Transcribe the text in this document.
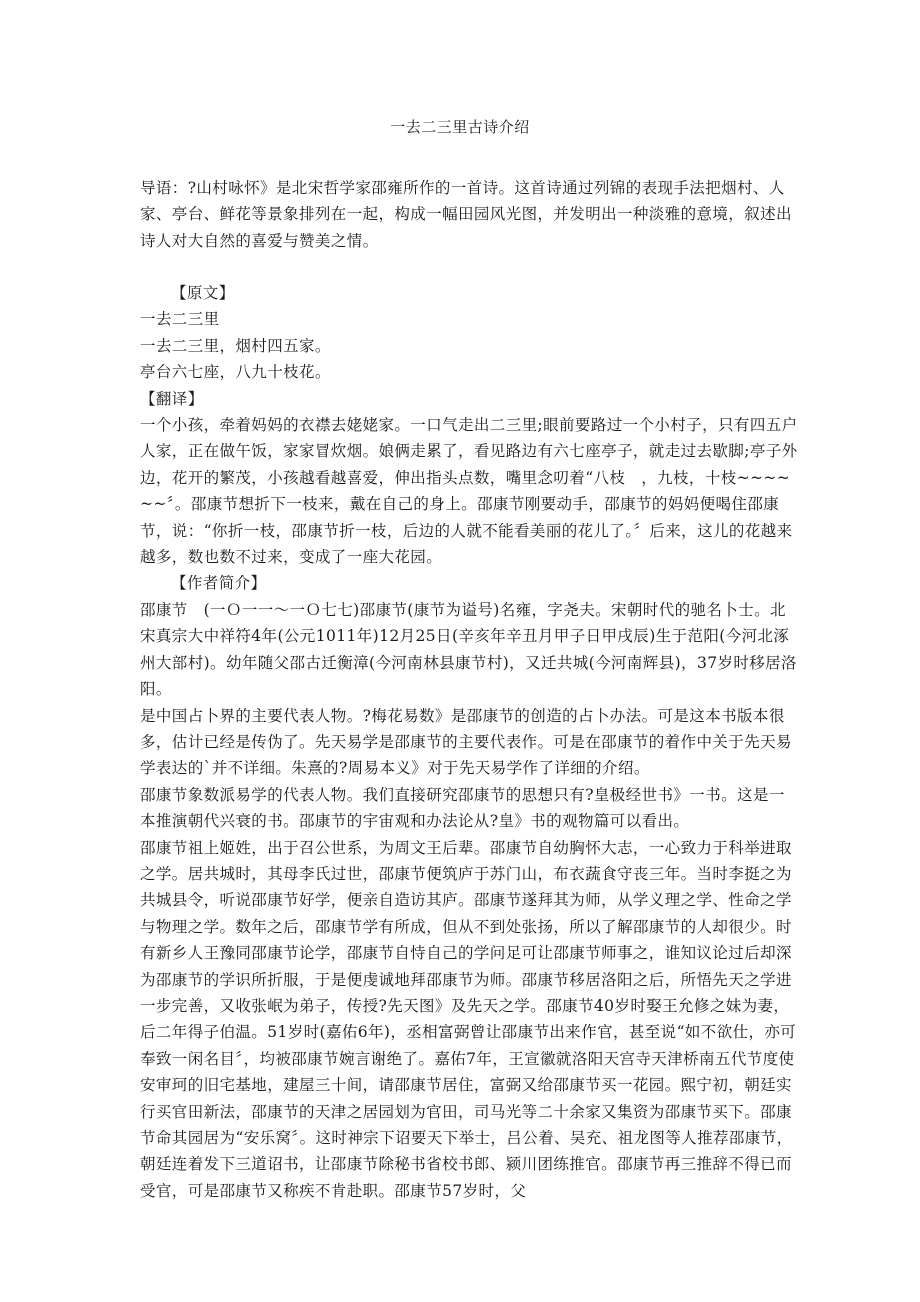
一去二三里古诗介绍

导语：?山村咏怀》是北宋哲学家邵雍所作的一首诗。这首诗通过列锦的表现手法把烟村、人家、亭台、鲜花等景象排列在一起，构成一幅田园风光图，并发明出一种淡雅的意境，叙述出诗人对大自然的喜爱与赞美之情。

【原文】

一去二三里

一去二三里，烟村四五家。

亭台六七座，八九十枝花。

【翻译】

一个小孩，牵着妈妈的衣襟去姥姥家。一口气走出二三里;眼前要路过一个小村子，只有四五户人家，正在做午饭，家家冒炊烟。娘俩走累了，看见路边有六七座亭子，就走过去歇脚;亭子外边，花开的繁茂，小孩越看越喜爱，伸出指头点数，嘴里念叨着“八枝　，九枝，十枝~~~~~~〞。邵康节想折下一枝来，戴在自己的身上。邵康节刚要动手，邵康节的妈妈便喝住邵康节，说：“你折一枝，邵康节折一枝，后边的人就不能看美丽的花儿了。〞后来，这儿的花越来越多，数也数不过来，变成了一座大花园。

【作者简介】

邵康节　(一Ｏ一一～一Ｏ七七)邵康节(康节为谥号)名雍，字尧夫。宋朝时代的驰名卜士。北宋真宗大中祥符4年(公元1011年)12月25日(辛亥年辛丑月甲子日甲戌辰)生于范阳(今河北涿州大部村)。幼年随父邵古迁衡漳(今河南林县康节村)，又迁共城(今河南辉县)，37岁时移居洛阳。

是中国占卜界的主要代表人物。?梅花易数》是邵康节的创造的占卜办法。可是这本书版本很多，估计已经是传伪了。先天易学是邵康节的主要代表作。可是在邵康节的着作中关于先天易学表达的`并不详细。朱熹的?周易本义》对于先天易学作了详细的介绍。

邵康节象数派易学的代表人物。我们直接研究邵康节的思想只有?皇极经世书》一书。这是一本推演朝代兴衰的书。邵康节的宇宙观和办法论从?皇》书的观物篇可以看出。

邵康节祖上姬姓，出于召公世系，为周文王后辈。邵康节自幼胸怀大志，一心致力于科举进取之学。居共城时，其母李氏过世，邵康节便筑庐于苏门山，布衣蔬食守丧三年。当时李挺之为共城县令，听说邵康节好学，便亲自造访其庐。邵康节遂拜其为师，从学义理之学、性命之学与物理之学。数年之后，邵康节学有所成，但从不到处张扬，所以了解邵康节的人却很少。时有新乡人王豫同邵康节论学，邵康节自恃自己的学问足可让邵康节师事之，谁知议论过后却深为邵康节的学识所折服，于是便虔诚地拜邵康节为师。邵康节移居洛阳之后，所悟先天之学进一步完善，又收张岷为弟子，传授?先天图》及先天之学。邵康节40岁时娶王允修之妹为妻，后二年得子伯温。51岁时(嘉佑6年)，丞相富弼曾让邵康节出来作官，甚至说“如不欲仕，亦可奉致一闲名目〞，均被邵康节婉言谢绝了。嘉佑7年，王宣徽就洛阳天宫寺天津桥南五代节度使安审珂的旧宅基地，建屋三十间，请邵康节居住，富弼又给邵康节买一花园。熙宁初，朝廷实行买官田新法，邵康节的天津之居园划为官田，司马光等二十余家又集资为邵康节买下。邵康节命其园居为“安乐窝〞。这时神宗下诏要天下举士，吕公着、吴充、祖龙图等人推荐邵康节，朝廷连着发下三道诏书，让邵康节除秘书省校书郎、颍川团练推官。邵康节再三推辞不得已而受官，可是邵康节又称疾不肯赴职。邵康节57岁时，父
